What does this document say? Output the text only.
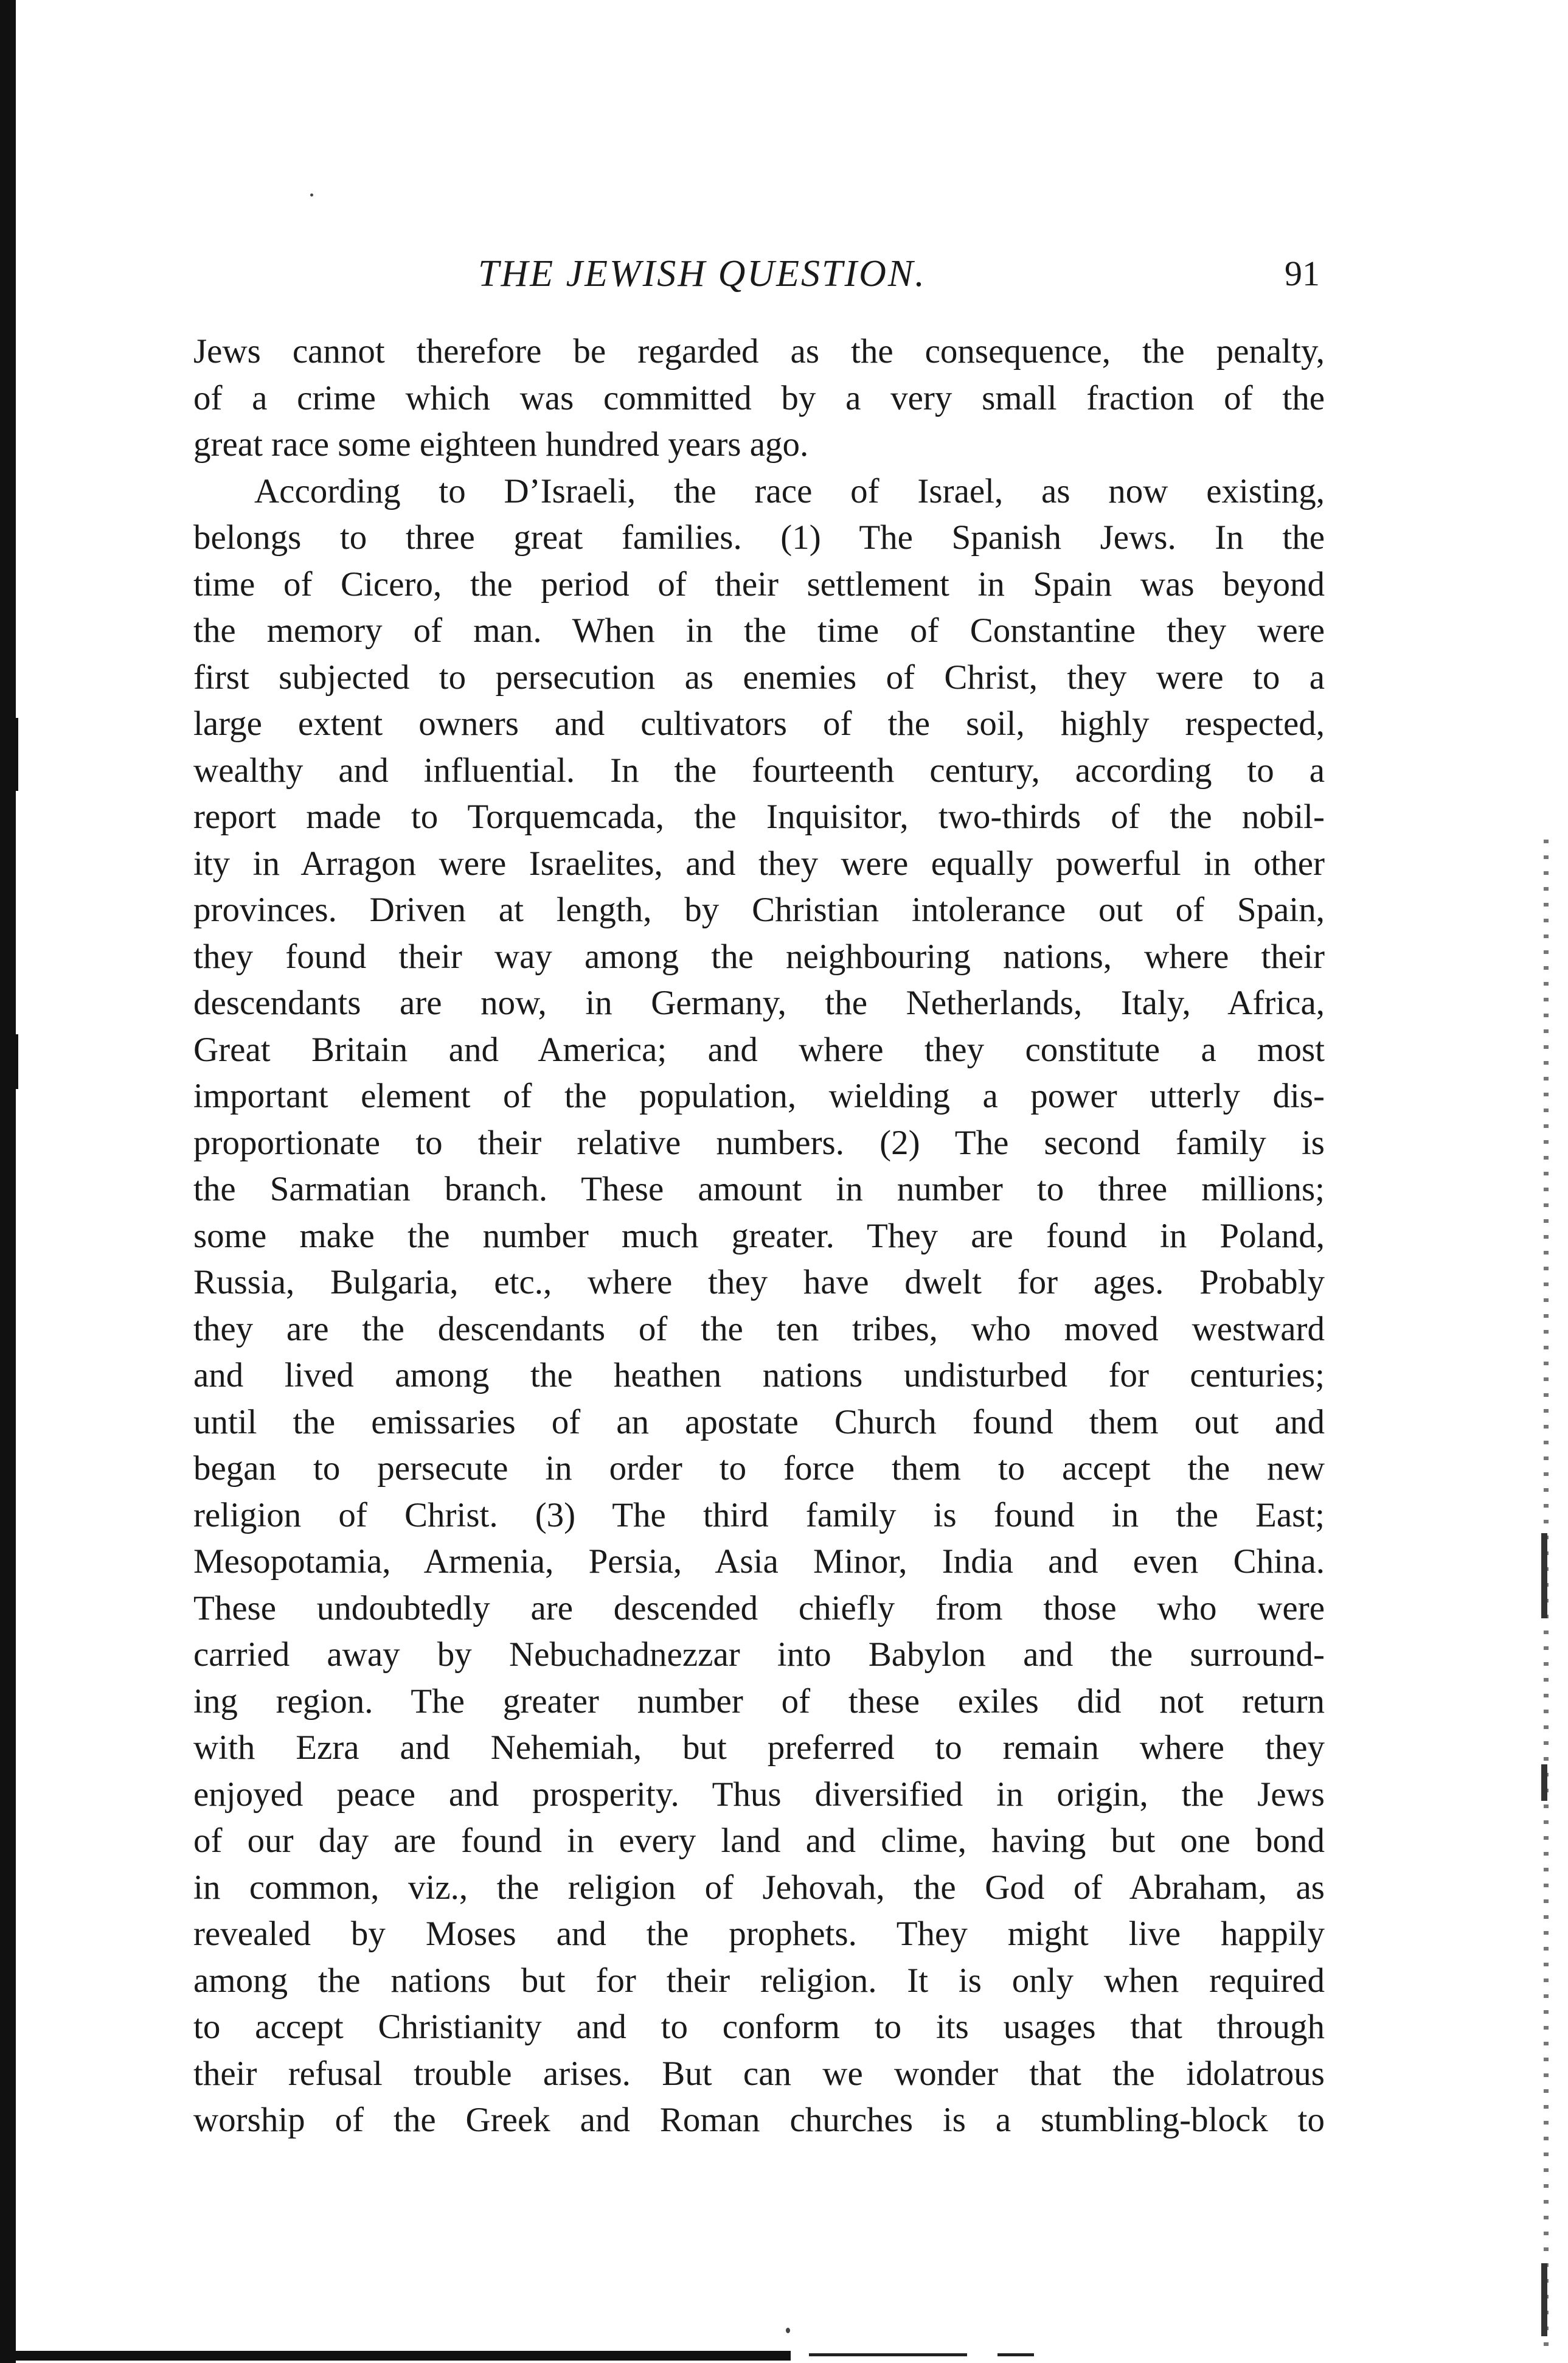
THE JEWISH QUESTION.	91
Jews cannot therefore be regarded as the consequence, the penalty,
of a crime which was committed by a very small fraction of the
great race some eighteen hundred years ago.
According to D’Israeli, the race of Israel, as now existing,
belongs to three great families. (1) The Spanish Jews. In the
time of Cicero, the period of their settlement in Spain was beyond
the memory of man. When in the time of Constantine they were
first subjected to persecution as enemies of Christ, they were to a
large extent owners and cultivators of the soil, highly respected,
wealthy and influential. In the fourteenth century, according to a
report made to Torquemcada, the Inquisitor, two-thirds of the nobil-
ity in Arragon were Israelites, and they were equally powerful in other
provinces. Driven at length, by Christian intolerance out of Spain,
they found their way among the neighbouring nations, where their
descendants are now, in Germany, the Netherlands, Italy, Africa,
Great Britain and America; and where they constitute a most
important element of the population, wielding a power utterly dis-
proportionate to their relative numbers. (2) The second family is
the Sarmatian branch. These amount in number to three millions;
some make the number much greater. They are found in Poland,
Russia, Bulgaria, etc., where they have dwelt for ages. Probably
they are the descendants of the ten tribes, who moved westward
and lived among the heathen nations undisturbed for centuries;
until the emissaries of an apostate Church found them out and
began to persecute in order to force them to accept the new
religion of Christ. (3) The third family is found in the East;
Mesopotamia, Armenia, Persia, Asia Minor, India and even China.
These undoubtedly are descended chiefly from those who were
carried away by Nebuchadnezzar into Babylon and the surround-
ing region. The greater number of these exiles did not return
with Ezra and Nehemiah, but preferred to remain where they
enjoyed peace and prosperity. Thus diversified in origin, the Jews
of our day are found in every land and clime, having but one bond
in common, viz., the religion of Jehovah, the God of Abraham, as
revealed by Moses and the prophets. They might live happily
among the nations but for their religion. It is only when required
to accept Christianity and to conform to its usages that through
their refusal trouble arises. But can we wonder that the idolatrous
worship of the Greek and Roman churches is a stumbling-block to
